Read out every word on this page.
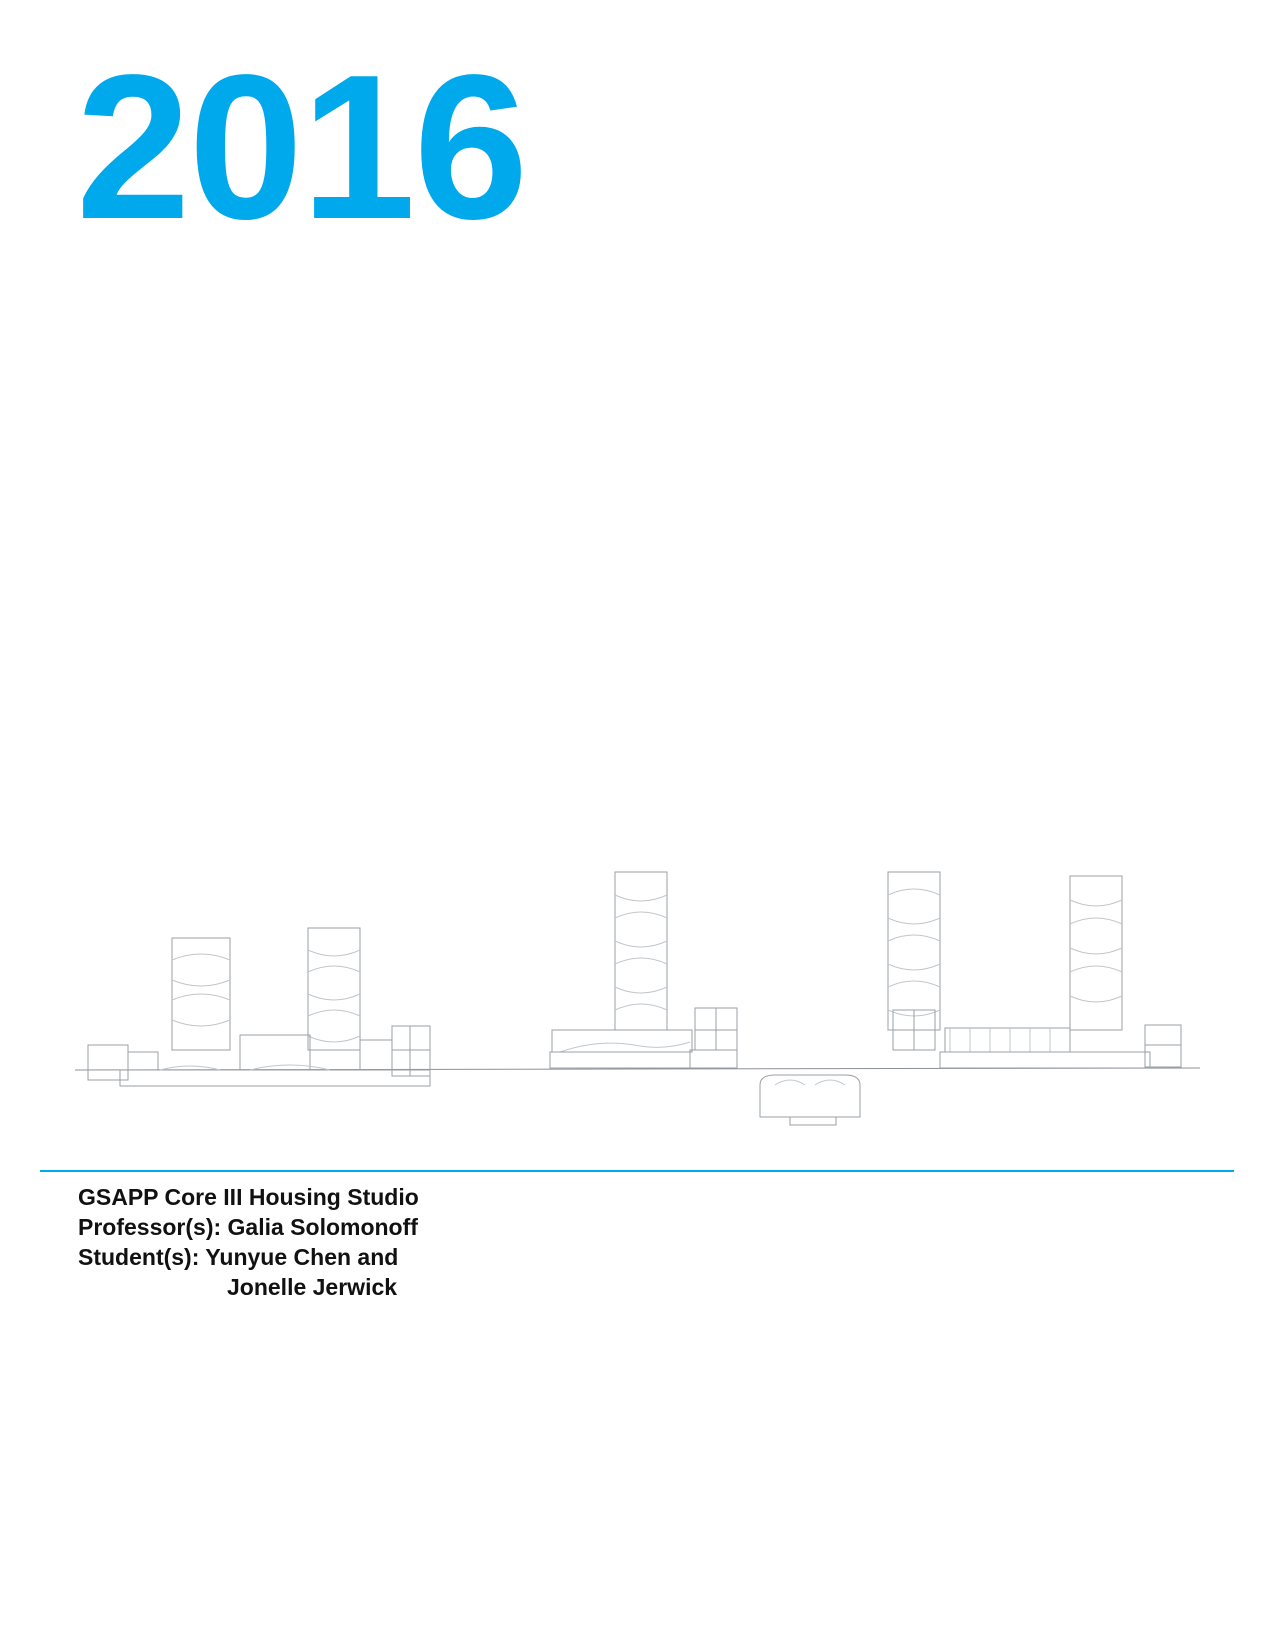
2016
GSAPP Core III Housing Studio
Professor(s): Galia Solomonoff
Student(s): Yunyue Chen and
Jonelle Jerwick
